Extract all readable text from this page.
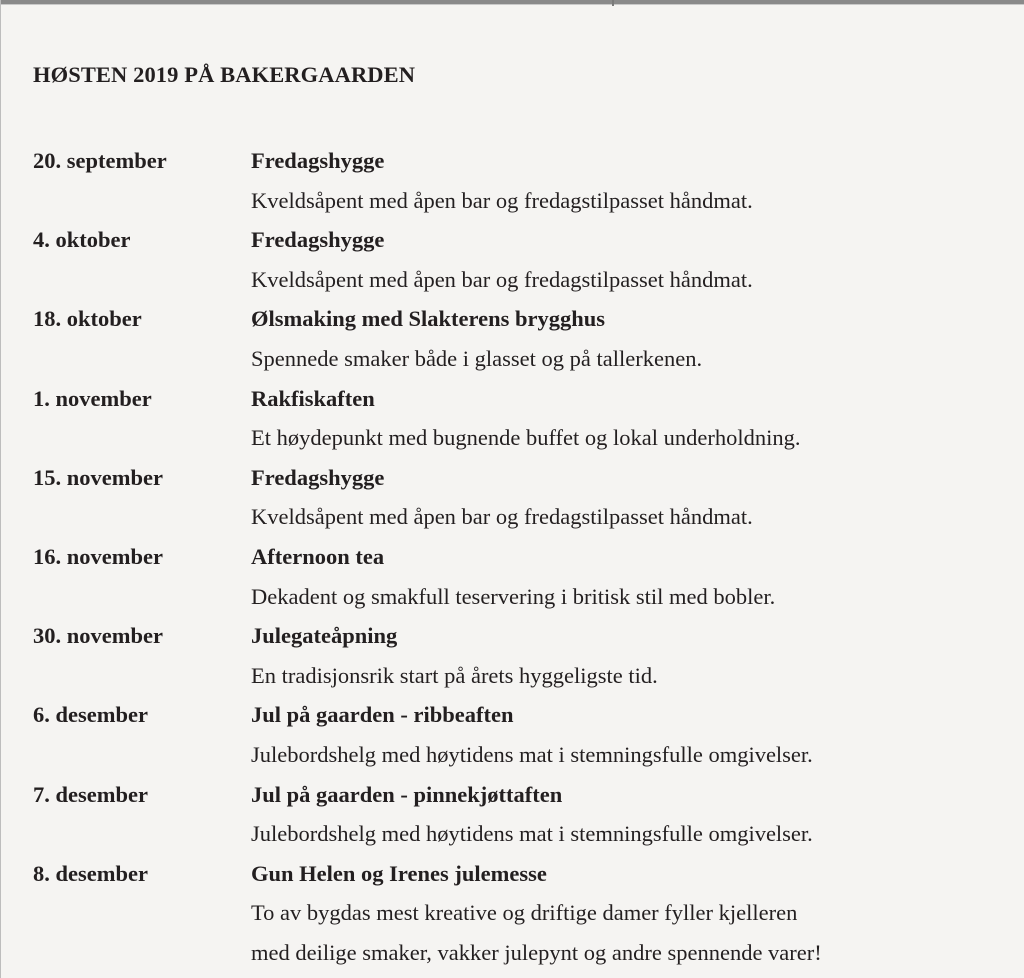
HØSTEN 2019 PÅ BAKERGAARDEN
20. september	Fredagshygge
Kveldsåpent med åpen bar og fredagstilpasset håndmat.
4. oktober	Fredagshygge
Kveldsåpent med åpen bar og fredagstilpasset håndmat.
18. oktober	Ølsmaking med Slakterens brygghus
Spennede smaker både i glasset og på tallerkenen.
1. november	Rakfiskaften
Et høydepunkt med bugnende buffet og lokal underholdning.
15. november	Fredagshygge
Kveldsåpent med åpen bar og fredagstilpasset håndmat.
16. november	Afternoon tea
Dekadent og smakfull teservering i britisk stil med bobler.
30. november	Julegateåpning
En tradisjonsrik start på årets hyggeligste tid.
6. desember	Jul på gaarden - ribbeaften
Julebordshelg med høytidens mat i stemningsfulle omgivelser.
7. desember	Jul på gaarden - pinnekjøttaften
Julebordshelg med høytidens mat i stemningsfulle omgivelser.
8. desember	Gun Helen og Irenes julemesse
To av bygdas mest kreative og driftige damer fyller kjelleren
med deilige smaker, vakker julepynt og andre spennende varer!
